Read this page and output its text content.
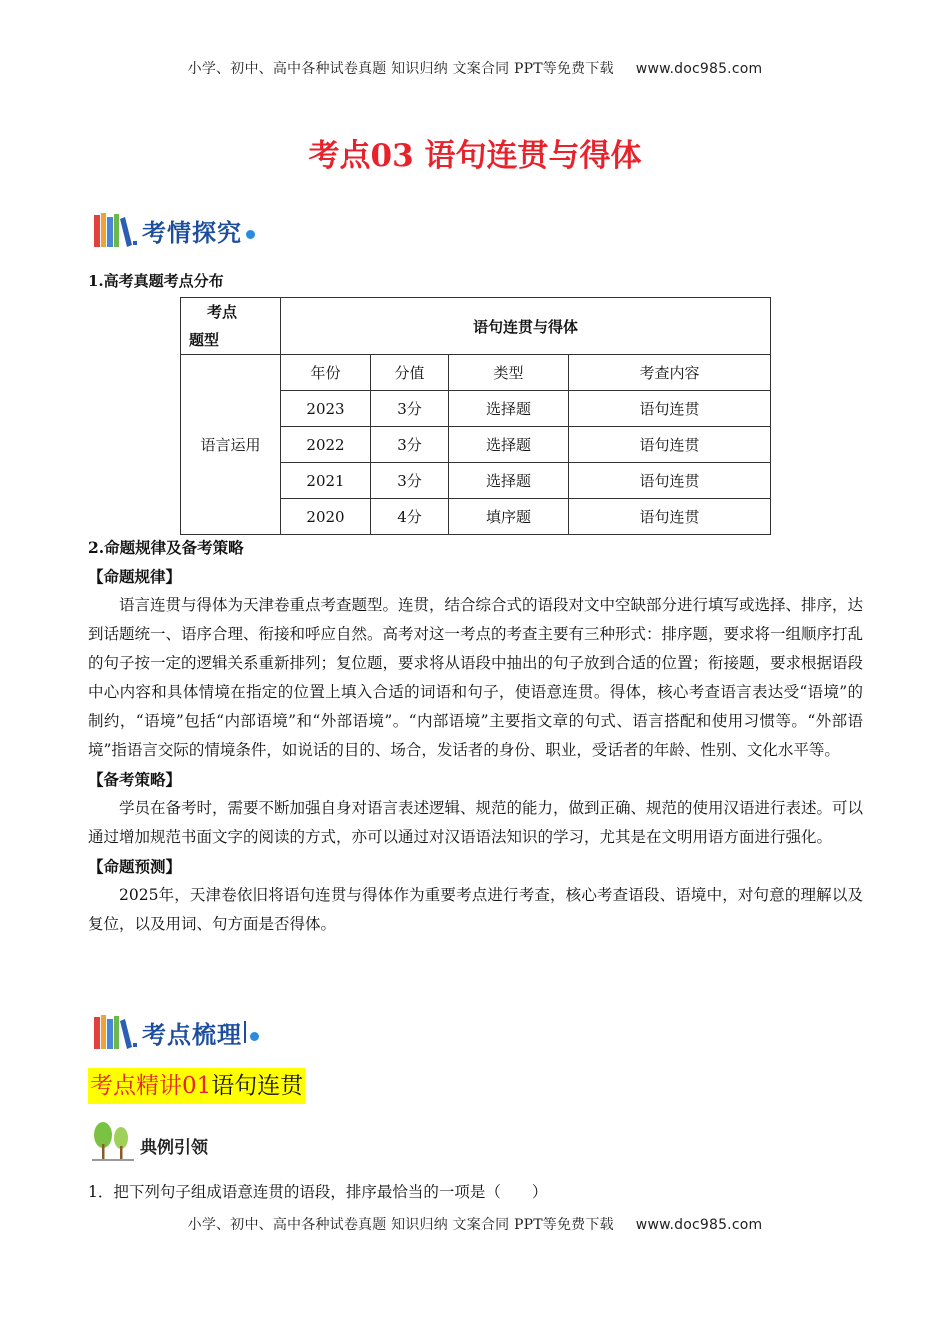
小学、初中、高中各种试卷真题 知识归纳 文案合同 PPT等免费下载 www.doc985.com
考点03 语句连贯与得体
考情探究
1.高考真题考点分布
考点
题型	语句连贯与得体			
语言运用	年份	分值	类型	考查内容
	2023	3分	选择题	语句连贯
	2022	3分	选择题	语句连贯
	2021	3分	选择题	语句连贯
	2020	4分	填序题	语句连贯
2.命题规律及备考策略
【命题规律】

语言连贯与得体为天津卷重点考查题型。连贯，结合综合式的语段对文中空缺部分进行填写或选择、排序，达到话题统一、语序合理、衔接和呼应自然。高考对这一考点的考查主要有三种形式：排序题，要求将一组顺序打乱的句子按一定的逻辑关系重新排列；复位题，要求将从语段中抽出的句子放到合适的位置；衔接题，要求根据语段中心内容和具体情境在指定的位置上填入合适的词语和句子，使语意连贯。得体，核心考查语言表达受“语境”的制约，“语境”包括“内部语境”和“外部语境”。“内部语境”主要指文章的句式、语言搭配和使用习惯等。“外部语境”指语言交际的情境条件，如说话的目的、场合，发话者的身份、职业，受话者的年龄、性别、文化水平等。

【备考策略】

学员在备考时，需要不断加强自身对语言表述逻辑、规范的能力，做到正确、规范的使用汉语进行表述。可以通过增加规范书面文字的阅读的方式，亦可以通过对汉语语法知识的学习，尤其是在文明用语方面进行强化。

【命题预测】

2025年，天津卷依旧将语句连贯与得体作为重要考点进行考查，核心考查语段、语境中，对句意的理解以及复位，以及用词、句方面是否得体。

考点梳理
考点精讲01语句连贯
典例引领
1．把下列句子组成语意连贯的语段，排序最恰当的一项是（　　）
小学、初中、高中各种试卷真题 知识归纳 文案合同 PPT等免费下载 www.doc985.com
